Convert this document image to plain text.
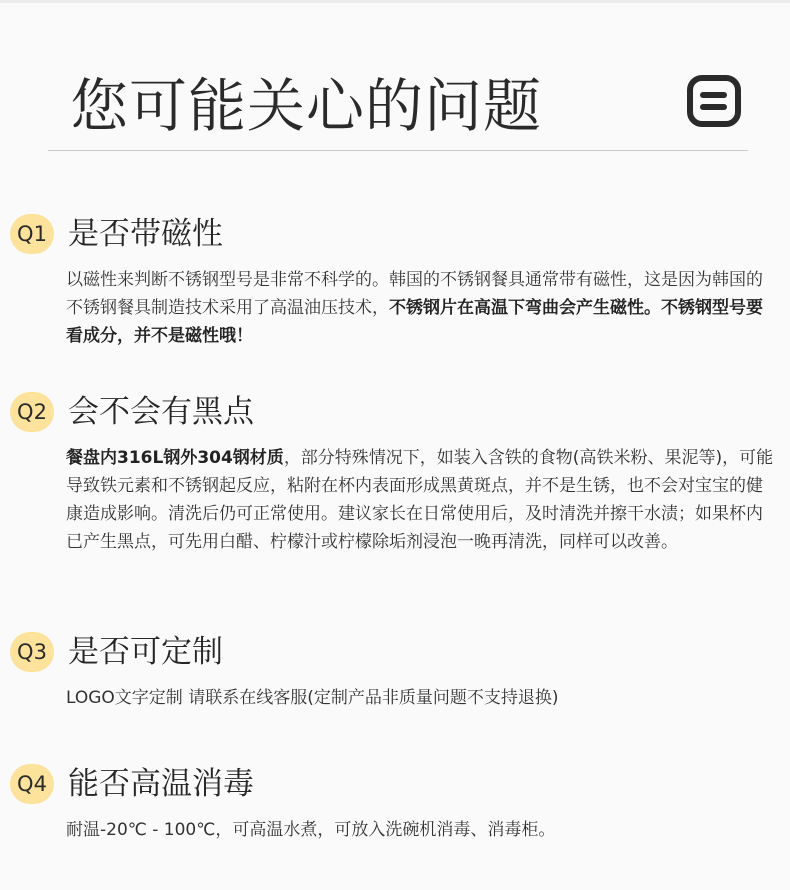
您可能关心的问题
Q1 是否带磁性
以磁性来判断不锈钢型号是非常不科学的。韩国的不锈钢餐具通常带有磁性，这是因为韩国的不锈钢餐具制造技术采用了高温油压技术，不锈钢片在高温下弯曲会产生磁性。不锈钢型号要看成分，并不是磁性哦！
Q2 会不会有黑点
餐盘内316L钢外304钢材质，部分特殊情况下，如装入含铁的食物(高铁米粉、果泥等)，可能导致铁元素和不锈钢起反应，粘附在杯内表面形成黑黄斑点，并不是生锈，也不会对宝宝的健康造成影响。清洗后仍可正常使用。建议家长在日常使用后，及时清洗并擦干水渍；如果杯内已产生黑点，可先用白醋、柠檬汁或柠檬除垢剂浸泡一晚再清洗，同样可以改善。
Q3 是否可定制
LOGO文字定制 请联系在线客服(定制产品非质量问题不支持退换)
Q4 能否高温消毒
耐温-20℃ - 100℃，可高温水煮，可放入洗碗机消毒、消毒柜。
